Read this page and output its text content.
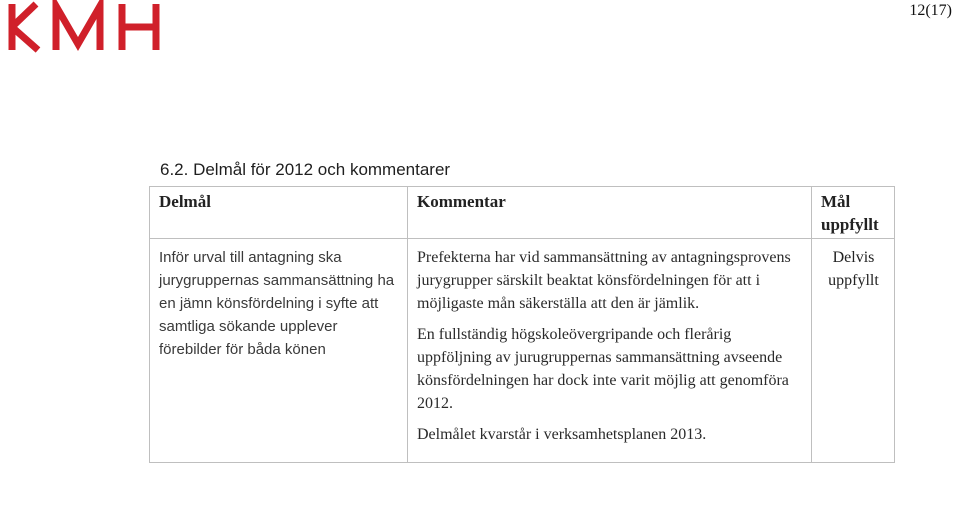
12(17)
6.2. Delmål för 2012 och kommentarer
Delmål	Kommentar	Mål uppfyllt

Inför urval till antagning ska jurygruppernas sammansättning ha en jämn könsfördelning i syfte att samtliga sökande upplever förebilder för båda könen	Prefekterna har vid sammansättning av antagningsprovens jurygrupper särskilt beaktat könsfördelningen för att i möjligaste mån säkerställa att den är jämlik.

En fullständig högskoleövergripande och flerårig uppföljning av jurugruppernas sammansättning avseende könsfördelningen har dock inte varit möjlig att genomföra 2012.

Delmålet kvarstår i verksamhetsplanen 2013.	Delvis uppfyllt
